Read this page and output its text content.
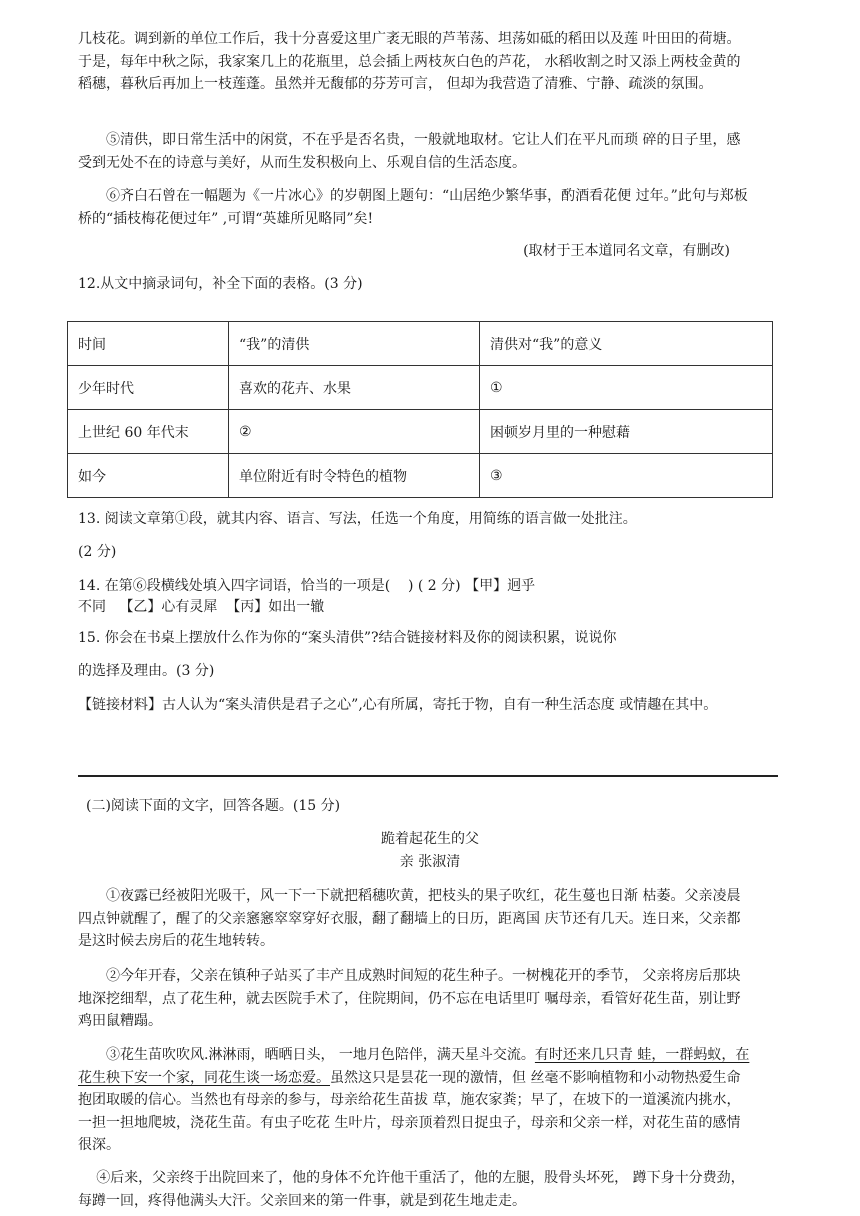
几枝花。调到新的单位工作后，我十分喜爱这里广袤无眼的芦苇荡、坦荡如砥的稻田以及莲 叶田田的荷塘。于是，每年中秋之际，我家案几上的花瓶里，总会插上两枝灰白色的芦花， 水稻收割之时又添上两枝金黄的稻穗，暮秋后再加上一枝莲蓬。虽然并无馥郁的芬芳可言， 但却为我营造了清雅、宁静、疏淡的氛围。

⑤清供，即日常生活中的闲赏，不在乎是否名贵，一般就地取材。它让人们在平凡而琐 碎的日子里，感受到无处不在的诗意与美好，从而生发积极向上、乐观自信的生活态度。

⑥齐白石曾在一幅题为《一片冰心》的岁朝图上题句：“山居绝少繁华事，酌酒看花便 过年。”此句与郑板桥的“插枝梅花便过年” ,可谓“英雄所见略同”矣!

(取材于王本道同名文章，有删改)
12.从文中摘录词句，补全下面的表格。(3 分)
时间	“我”的清供	清供对“我”的意义
少年时代	喜欢的花卉、水果	①
上世纪 60 年代末	②	困顿岁月里的一种慰藉
如今	单位附近有时令特色的植物	③
13. 阅读文章第①段，就其内容、语言、写法，任选一个角度，用简练的语言做一处批注。
(2 分)
14. 在第⑥段横线处填入四字词语，恰当的一项是(    ) ( 2 分) 【甲】迥乎
不同   【乙】心有灵犀  【丙】如出一辙
15. 你会在书桌上摆放什么作为你的“案头清供”?结合链接材料及你的阅读积累，说说你
的选择及理由。(3 分)

【链接材料】古人认为“案头清供是君子之心”,心有所属，寄托于物，自有一种生活态度 或情趣在其中。

(二)阅读下面的文字，回答各题。(15 分)
跪着起花生的父
亲 张淑清

①夜露已经被阳光吸干，风一下一下就把稻穗吹黄，把枝头的果子吹红，花生蔓也日渐 枯萎。父亲凌晨四点钟就醒了，醒了的父亲窸窸窣窣穿好衣服，翻了翻墙上的日历，距离国 庆节还有几天。连日来，父亲都是这时候去房后的花生地转转。

②今年开春，父亲在镇种子站买了丰产且成熟时间短的花生种子。一树槐花开的季节， 父亲将房后那块地深挖细犁，点了花生种，就去医院手术了，住院期间，仍不忘在电话里叮 嘱母亲，看管好花生苗，别让野鸡田鼠糟蹋。

③花生苗吹吹风.淋淋雨，晒晒日头， 一地月色陪伴，满天星斗交流。有时还来几只青 蛙，一群蚂蚁，在花生秧下安一个家，同花生谈一场恋爱。虽然这只是昙花一现的激情，但 丝毫不影响植物和小动物热爱生命抱团取暖的信心。当然也有母亲的参与，母亲给花生苗拔 草，施农家粪；早了，在坡下的一道溪流内挑水，一担一担地爬坡，浇花生苗。有虫子吃花 生叶片，母亲顶着烈日捉虫子，母亲和父亲一样，对花生苗的感情很深。

④后来，父亲终于出院回来了，他的身体不允许他干重活了，他的左腿，股骨头坏死， 蹲下身十分费劲，每蹲一回，疼得他满头大汗。父亲回来的第一件事，就是到花生地走走。
